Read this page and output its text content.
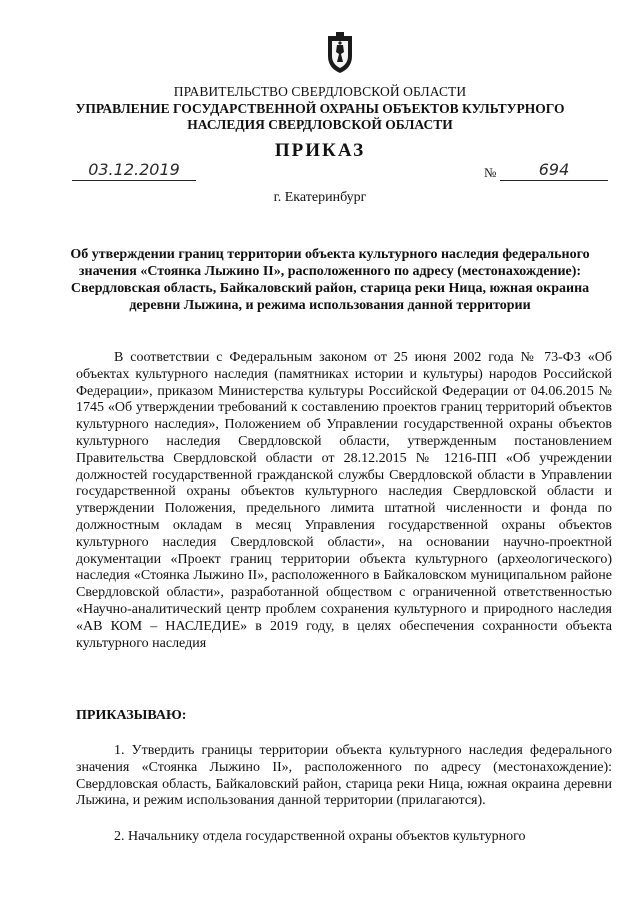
ПРАВИТЕЛЬСТВО СВЕРДЛОВСКОЙ ОБЛАСТИ
УПРАВЛЕНИЕ ГОСУДАРСТВЕННОЙ ОХРАНЫ ОБЪЕКТОВ КУЛЬТУРНОГО НАСЛЕДИЯ СВЕРДЛОВСКОЙ ОБЛАСТИ
ПРИКАЗ
03.12.2019	№	694
г. Екатеринбург
Об утверждении границ территории объекта культурного наследия федерального значения «Стоянка Лыжино II», расположенного по адресу (местонахождение): Свердловская область, Байкаловский район, старица реки Ница, южная окраина деревни Лыжина, и режима использования данной территории
В соответствии с Федеральным законом от 25 июня 2002 года № 73-ФЗ «Об объектах культурного наследия (памятниках истории и культуры) народов Российской Федерации», приказом Министерства культуры Российской Федерации от 04.06.2015 № 1745 «Об утверждении требований к составлению проектов границ территорий объектов культурного наследия», Положением об Управлении государственной охраны объектов культурного наследия Свердловской области, утвержденным постановлением Правительства Свердловской области от 28.12.2015 № 1216-ПП «Об учреждении должностей государственной гражданской службы Свердловской области в Управлении государственной охраны объектов культурного наследия Свердловской области и утверждении Положения, предельного лимита штатной численности и фонда по должностным окладам в месяц Управления государственной охраны объектов культурного наследия Свердловской области», на основании научно-проектной документации «Проект границ территории объекта культурного (археологического) наследия «Стоянка Лыжино II», расположенного в Байкаловском муниципальном районе Свердловской области», разработанной обществом с ограниченной ответственностью «Научно-аналитический центр проблем сохранения культурного и природного наследия «АВ КОМ – НАСЛЕДИЕ» в 2019 году, в целях обеспечения сохранности объекта культурного наследия
ПРИКАЗЫВАЮ:
1. Утвердить границы территории объекта культурного наследия федерального значения «Стоянка Лыжино II», расположенного по адресу (местонахождение): Свердловская область, Байкаловский район, старица реки Ница, южная окраина деревни Лыжина, и режим использования данной территории (прилагаются).
2. Начальнику отдела государственной охраны объектов культурного
